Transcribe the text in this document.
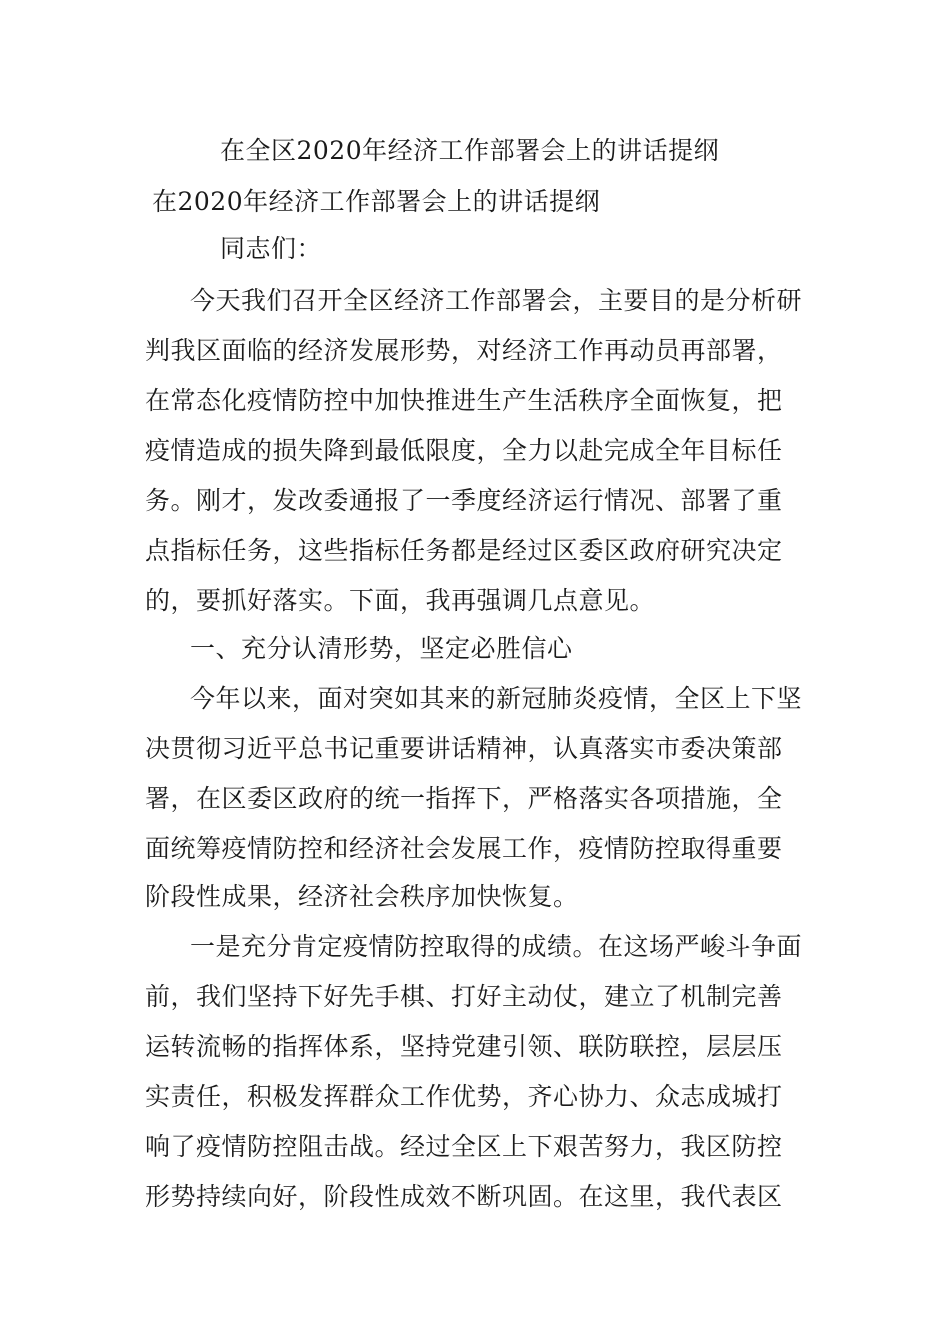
在全区2020年经济工作部署会上的讲话提纲
在2020年经济工作部署会上的讲话提纲
同志们：
今天我们召开全区经济工作部署会，主要目的是分析研
判我区面临的经济发展形势，对经济工作再动员再部署，
在常态化疫情防控中加快推进生产生活秩序全面恢复，把
疫情造成的损失降到最低限度，全力以赴完成全年目标任
务。刚才，发改委通报了一季度经济运行情况、部署了重
点指标任务，这些指标任务都是经过区委区政府研究决定
的，要抓好落实。下面，我再强调几点意见。
一、充分认清形势，坚定必胜信心
今年以来，面对突如其来的新冠肺炎疫情，全区上下坚
决贯彻习近平总书记重要讲话精神，认真落实市委决策部
署，在区委区政府的统一指挥下，严格落实各项措施，全
面统筹疫情防控和经济社会发展工作，疫情防控取得重要
阶段性成果，经济社会秩序加快恢复。
一是充分肯定疫情防控取得的成绩。在这场严峻斗争面
前，我们坚持下好先手棋、打好主动仗，建立了机制完善
运转流畅的指挥体系，坚持党建引领、联防联控，层层压
实责任，积极发挥群众工作优势，齐心协力、众志成城打
响了疫情防控阻击战。经过全区上下艰苦努力，我区防控
形势持续向好，阶段性成效不断巩固。在这里，我代表区
